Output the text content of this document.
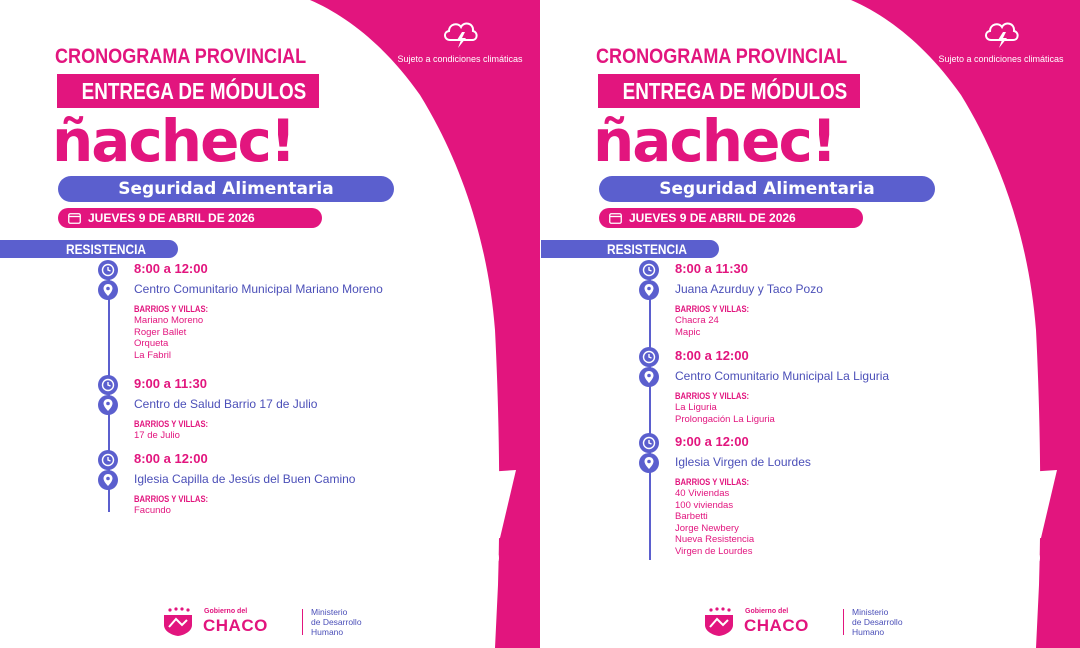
Sujeto a condiciones climáticas
CRONOGRAMA PROVINCIAL
ENTREGA DE MÓDULOS
ñachec!
Seguridad Alimentaria
JUEVES 9 DE ABRIL DE 2026
RESISTENCIA
8:00 a 12:00
Centro Comunitario Municipal Mariano Moreno
BARRIOS Y VILLAS:
Mariano Moreno
Roger Ballet
Orqueta
La Fabril
9:00 a 11:30
Centro de Salud Barrio 17 de Julio
BARRIOS Y VILLAS:
17 de Julio
8:00 a 12:00
Iglesia Capilla de Jesús del Buen Camino
BARRIOS Y VILLAS:
Facundo
Gobierno del
CHACO
Ministerio
de Desarrollo
Humano
Sujeto a condiciones climáticas
CRONOGRAMA PROVINCIAL
ENTREGA DE MÓDULOS
ñachec!
Seguridad Alimentaria
JUEVES 9 DE ABRIL DE 2026
RESISTENCIA
8:00 a 11:30
Juana Azurduy y Taco Pozo
BARRIOS Y VILLAS:
Chacra 24
Mapic
8:00 a 12:00
Centro Comunitario Municipal La Liguria
BARRIOS Y VILLAS:
La Liguria
Prolongación La Liguria
9:00 a 12:00
Iglesia Virgen de Lourdes
BARRIOS Y VILLAS:
40 Viviendas
100 viviendas
Barbetti
Jorge Newbery
Nueva Resistencia
Virgen de Lourdes
Gobierno del
CHACO
Ministerio
de Desarrollo
Humano
